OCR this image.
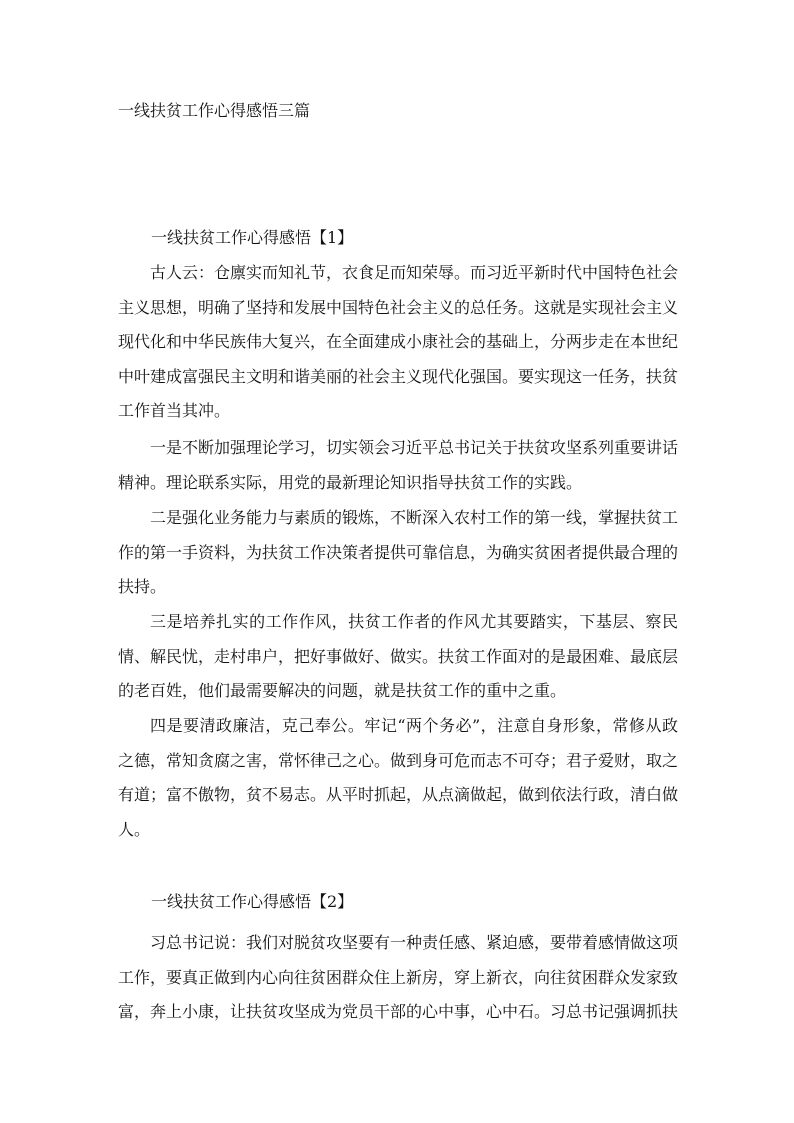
一线扶贫工作心得感悟三篇
一线扶贫工作心得感悟【1】

古人云：仓廪实而知礼节，衣食足而知荣辱。而习近平新时代中国特色社会主义思想，明确了坚持和发展中国特色社会主义的总任务。这就是实现社会主义现代化和中华民族伟大复兴，在全面建成小康社会的基础上，分两步走在本世纪中叶建成富强民主文明和谐美丽的社会主义现代化强国。要实现这一任务，扶贫工作首当其冲。

一是不断加强理论学习，切实领会习近平总书记关于扶贫攻坚系列重要讲话精神。理论联系实际，用党的最新理论知识指导扶贫工作的实践。

二是强化业务能力与素质的锻炼，不断深入农村工作的第一线，掌握扶贫工作的第一手资料，为扶贫工作决策者提供可靠信息，为确实贫困者提供最合理的扶持。

三是培养扎实的工作作风，扶贫工作者的作风尤其要踏实，下基层、察民情、解民忧，走村串户，把好事做好、做实。扶贫工作面对的是最困难、最底层的老百姓，他们最需要解决的问题，就是扶贫工作的重中之重。

四是要清政廉洁，克己奉公。牢记“两个务必”，注意自身形象，常修从政之德，常知贪腐之害，常怀律己之心。做到身可危而志不可夺；君子爱财，取之有道；富不傲物，贫不易志。从平时抓起，从点滴做起，做到依法行政，清白做人。

一线扶贫工作心得感悟【2】

习总书记说：我们对脱贫攻坚要有一种责任感、紧迫感，要带着感情做这项工作，要真正做到内心向往贫困群众住上新房，穿上新衣，向往贫困群众发家致富，奔上小康，让扶贫攻坚成为党员干部的心中事，心中石。习总书记强调抓扶
